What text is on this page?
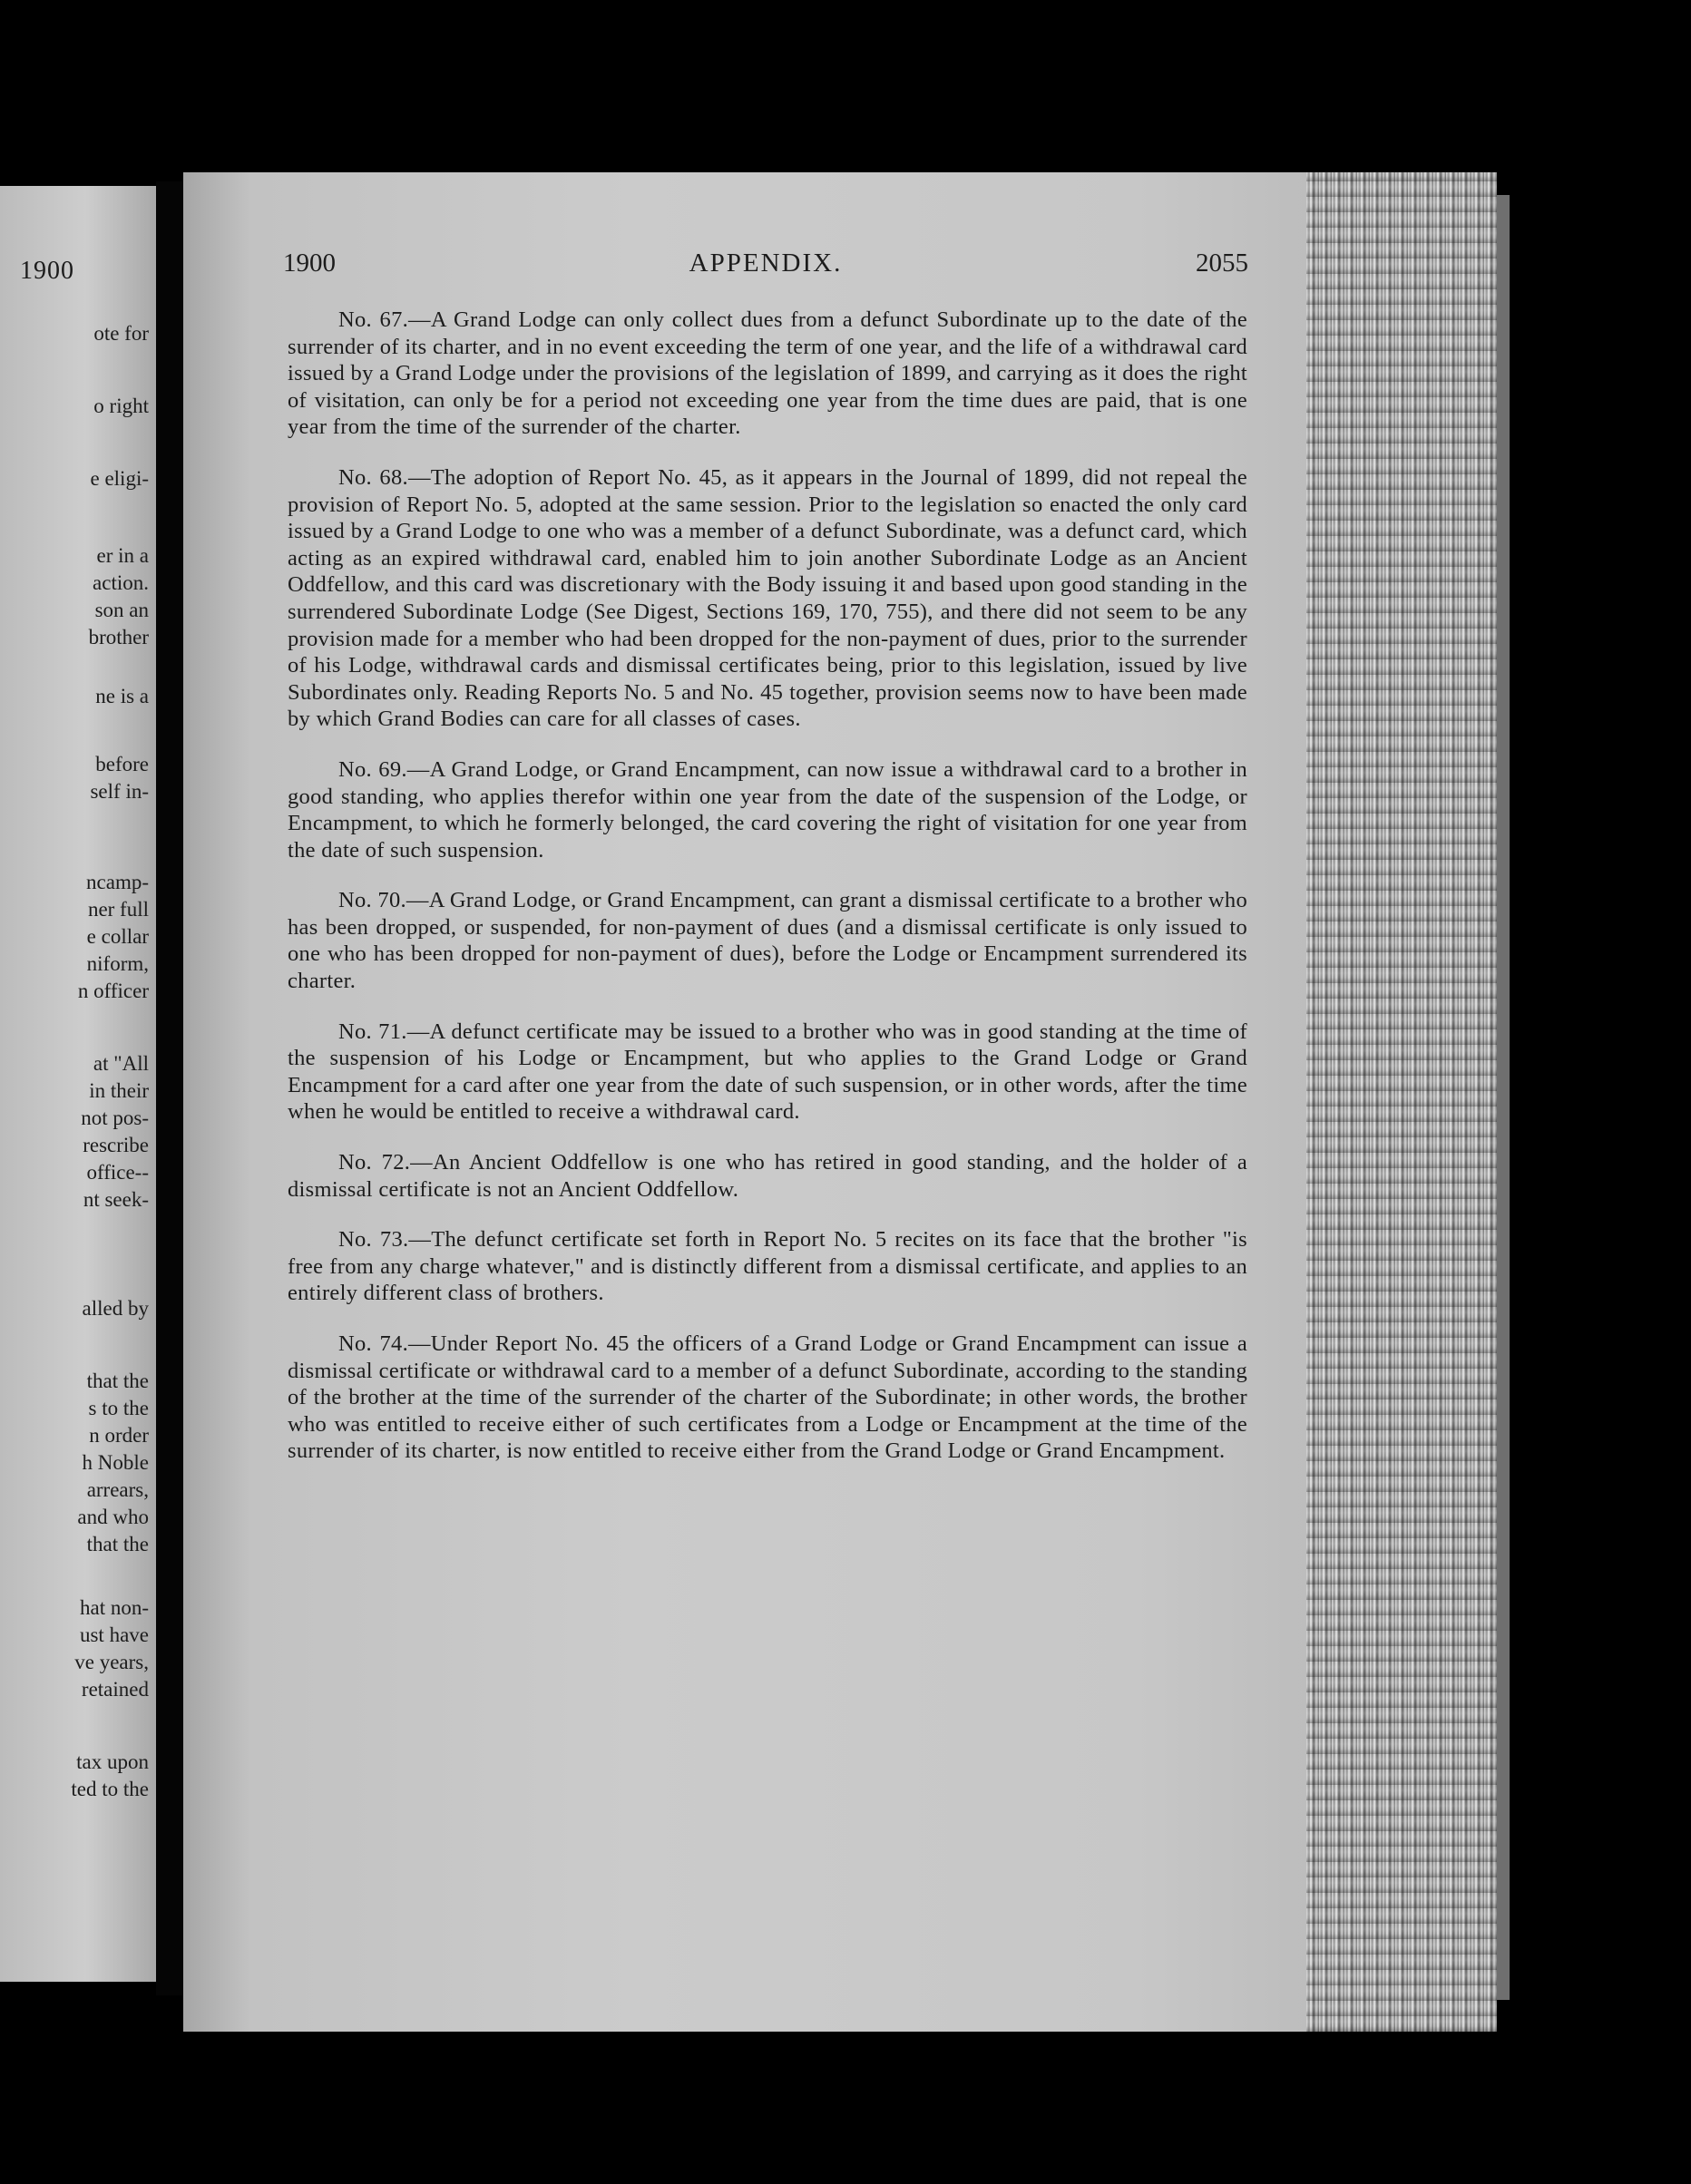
1900
ote for
o right
e eligi-
er in a
action.
son an
brother
ne is a
before
self in-
ncamp-
ner full
e collar
niform,
n officer
at "All
in their
not pos-
rescribe
office--
nt seek-
alled by
that the
s to the
n order
h Noble
arrears,
and who
that the
hat non-
ust have
ve years,
retained
tax upon
ted to the
1900	APPENDIX.	2055

No. 67.—A Grand Lodge can only collect dues from a defunct Subordinate up to the date of the surrender of its charter, and in no event exceeding the term of one year, and the life of a withdrawal card issued by a Grand Lodge under the provisions of the legislation of 1899, and carrying as it does the right of visitation, can only be for a period not exceeding one year from the time dues are paid, that is one year from the time of the surrender of the charter.

No. 68.—The adoption of Report No. 45, as it appears in the Journal of 1899, did not repeal the provision of Report No. 5, adopted at the same session. Prior to the legislation so enacted the only card issued by a Grand Lodge to one who was a member of a defunct Subordinate, was a defunct card, which acting as an expired withdrawal card, enabled him to join another Subordinate Lodge as an Ancient Oddfellow, and this card was discretionary with the Body issuing it and based upon good standing in the surrendered Subordinate Lodge (See Digest, Sections 169, 170, 755), and there did not seem to be any provision made for a member who had been dropped for the non-payment of dues, prior to the surrender of his Lodge, withdrawal cards and dismissal certificates being, prior to this legislation, issued by live Subordinates only. Reading Reports No. 5 and No. 45 together, provision seems now to have been made by which Grand Bodies can care for all classes of cases.

No. 69.—A Grand Lodge, or Grand Encampment, can now issue a withdrawal card to a brother in good standing, who applies therefor within one year from the date of the suspension of the Lodge, or Encampment, to which he formerly belonged, the card covering the right of visitation for one year from the date of such suspension.

No. 70.—A Grand Lodge, or Grand Encampment, can grant a dismissal certificate to a brother who has been dropped, or suspended, for non-payment of dues (and a dismissal certificate is only issued to one who has been dropped for non-payment of dues), before the Lodge or Encampment surrendered its charter.

No. 71.—A defunct certificate may be issued to a brother who was in good standing at the time of the suspension of his Lodge or Encampment, but who applies to the Grand Lodge or Grand Encampment for a card after one year from the date of such suspension, or in other words, after the time when he would be entitled to receive a withdrawal card.

No. 72.—An Ancient Oddfellow is one who has retired in good standing, and the holder of a dismissal certificate is not an Ancient Oddfellow.

No. 73.—The defunct certificate set forth in Report No. 5 recites on its face that the brother "is free from any charge whatever," and is distinctly different from a dismissal certificate, and applies to an entirely different class of brothers.

No. 74.—Under Report No. 45 the officers of a Grand Lodge or Grand Encampment can issue a dismissal certificate or withdrawal card to a member of a defunct Subordinate, according to the standing of the brother at the time of the surrender of the charter of the Subordinate; in other words, the brother who was entitled to receive either of such certificates from a Lodge or Encampment at the time of the surrender of its charter, is now entitled to receive either from the Grand Lodge or Grand Encampment.
